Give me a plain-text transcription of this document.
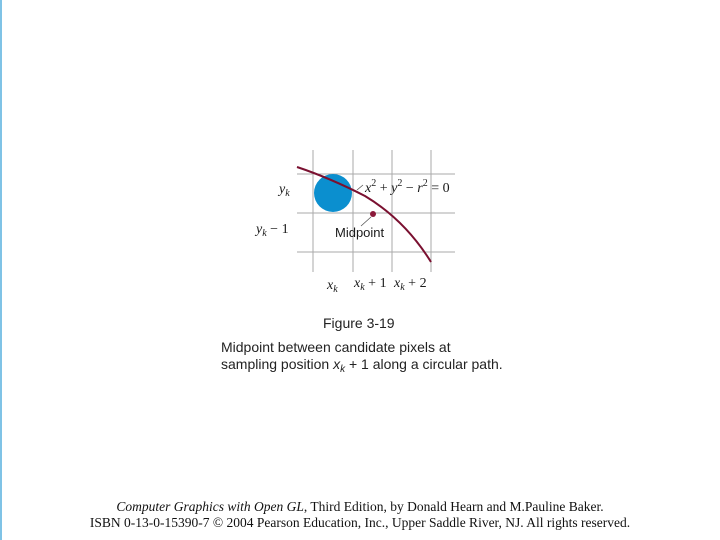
$y_k$
$y_k - 1$
$x^2 + y^2 - r^2 = 0$
Midpoint
$x_k$ $x_k + 1$ $x_k + 2$
Figure 3-19
Midpoint between candidate pixels at
sampling position $x_k + 1$ along a circular path.
Computer Graphics with Open GL, Third Edition, by Donald Hearn and M.Pauline Baker.
ISBN 0-13-0-15390-7 © 2004 Pearson Education, Inc., Upper Saddle River, NJ. All rights reserved.
